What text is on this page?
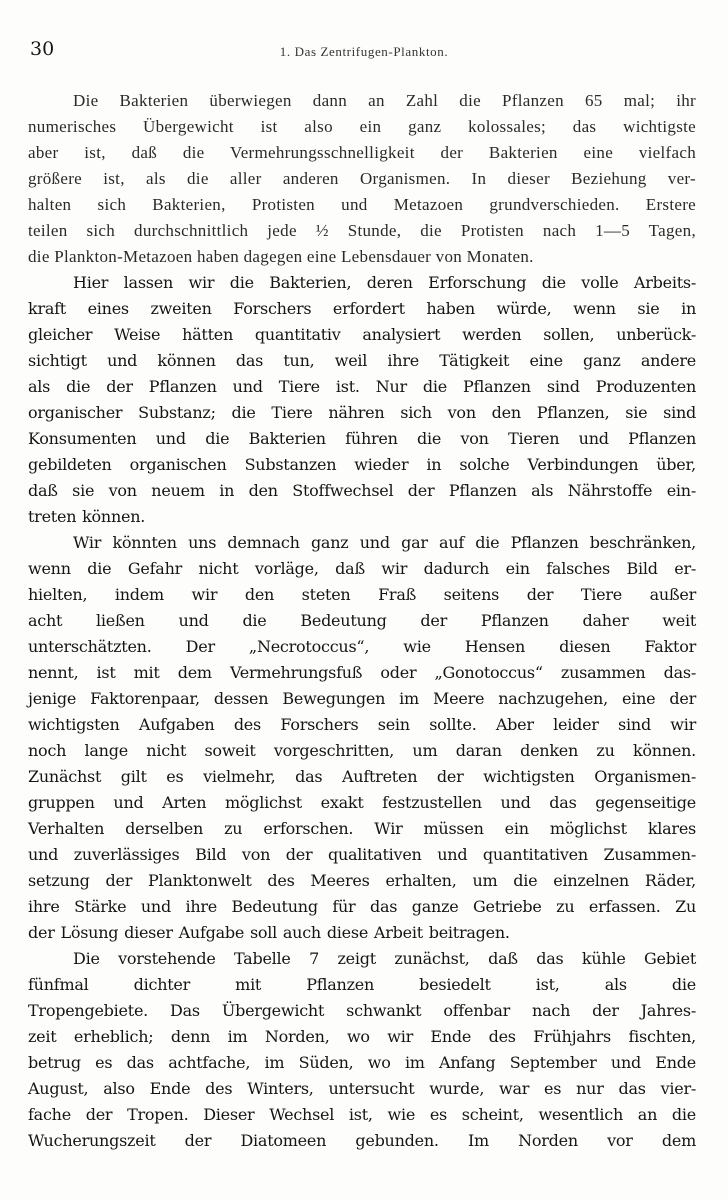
30	1. Das Zentrifugen-Plankton.

Die Bakterien überwiegen dann an Zahl die Pflanzen 65 mal; ihr
numerisches Übergewicht ist also ein ganz kolossales; das wichtigste
aber ist, daß die Vermehrungsschnelligkeit der Bakterien eine vielfach
größere ist, als die aller anderen Organismen. In dieser Beziehung ver-
halten sich Bakterien, Protisten und Metazoen grundverschieden. Erstere
teilen sich durchschnittlich jede ½ Stunde, die Protisten nach 1—5 Tagen,
die Plankton-Metazoen haben dagegen eine Lebensdauer von Monaten.

Hier lassen wir die Bakterien, deren Erforschung die volle Arbeits-
kraft eines zweiten Forschers erfordert haben würde, wenn sie in
gleicher Weise hätten quantitativ analysiert werden sollen, unberück-
sichtigt und können das tun, weil ihre Tätigkeit eine ganz andere
als die der Pflanzen und Tiere ist. Nur die Pflanzen sind Produzenten
organischer Substanz; die Tiere nähren sich von den Pflanzen, sie sind
Konsumenten und die Bakterien führen die von Tieren und Pflanzen
gebildeten organischen Substanzen wieder in solche Verbindungen über,
daß sie von neuem in den Stoffwechsel der Pflanzen als Nährstoffe ein-
treten können.

Wir könnten uns demnach ganz und gar auf die Pflanzen beschränken,
wenn die Gefahr nicht vorläge, daß wir dadurch ein falsches Bild er-
hielten, indem wir den steten Fraß seitens der Tiere außer
acht ließen und die Bedeutung der Pflanzen daher weit
unterschätzten. Der „Necrotoccus“, wie Hensen diesen Faktor
nennt, ist mit dem Vermehrungsfuß oder „Gonotoccus“ zusammen das-
jenige Faktorenpaar, dessen Bewegungen im Meere nachzugehen, eine der
wichtigsten Aufgaben des Forschers sein sollte. Aber leider sind wir
noch lange nicht soweit vorgeschritten, um daran denken zu können.
Zunächst gilt es vielmehr, das Auftreten der wichtigsten Organismen-
gruppen und Arten möglichst exakt festzustellen und das gegenseitige
Verhalten derselben zu erforschen. Wir müssen ein möglichst klares
und zuverlässiges Bild von der qualitativen und quantitativen Zusammen-
setzung der Planktonwelt des Meeres erhalten, um die einzelnen Räder,
ihre Stärke und ihre Bedeutung für das ganze Getriebe zu erfassen. Zu
der Lösung dieser Aufgabe soll auch diese Arbeit beitragen.

Die vorstehende Tabelle 7 zeigt zunächst, daß das kühle Gebiet
fünfmal dichter mit Pflanzen besiedelt ist, als die
Tropengebiete. Das Übergewicht schwankt offenbar nach der Jahres-
zeit erheblich; denn im Norden, wo wir Ende des Frühjahrs fischten,
betrug es das achtfache, im Süden, wo im Anfang September und Ende
August, also Ende des Winters, untersucht wurde, war es nur das vier-
fache der Tropen. Dieser Wechsel ist, wie es scheint, wesentlich an die
Wucherungszeit der Diatomeen gebunden. Im Norden vor dem
